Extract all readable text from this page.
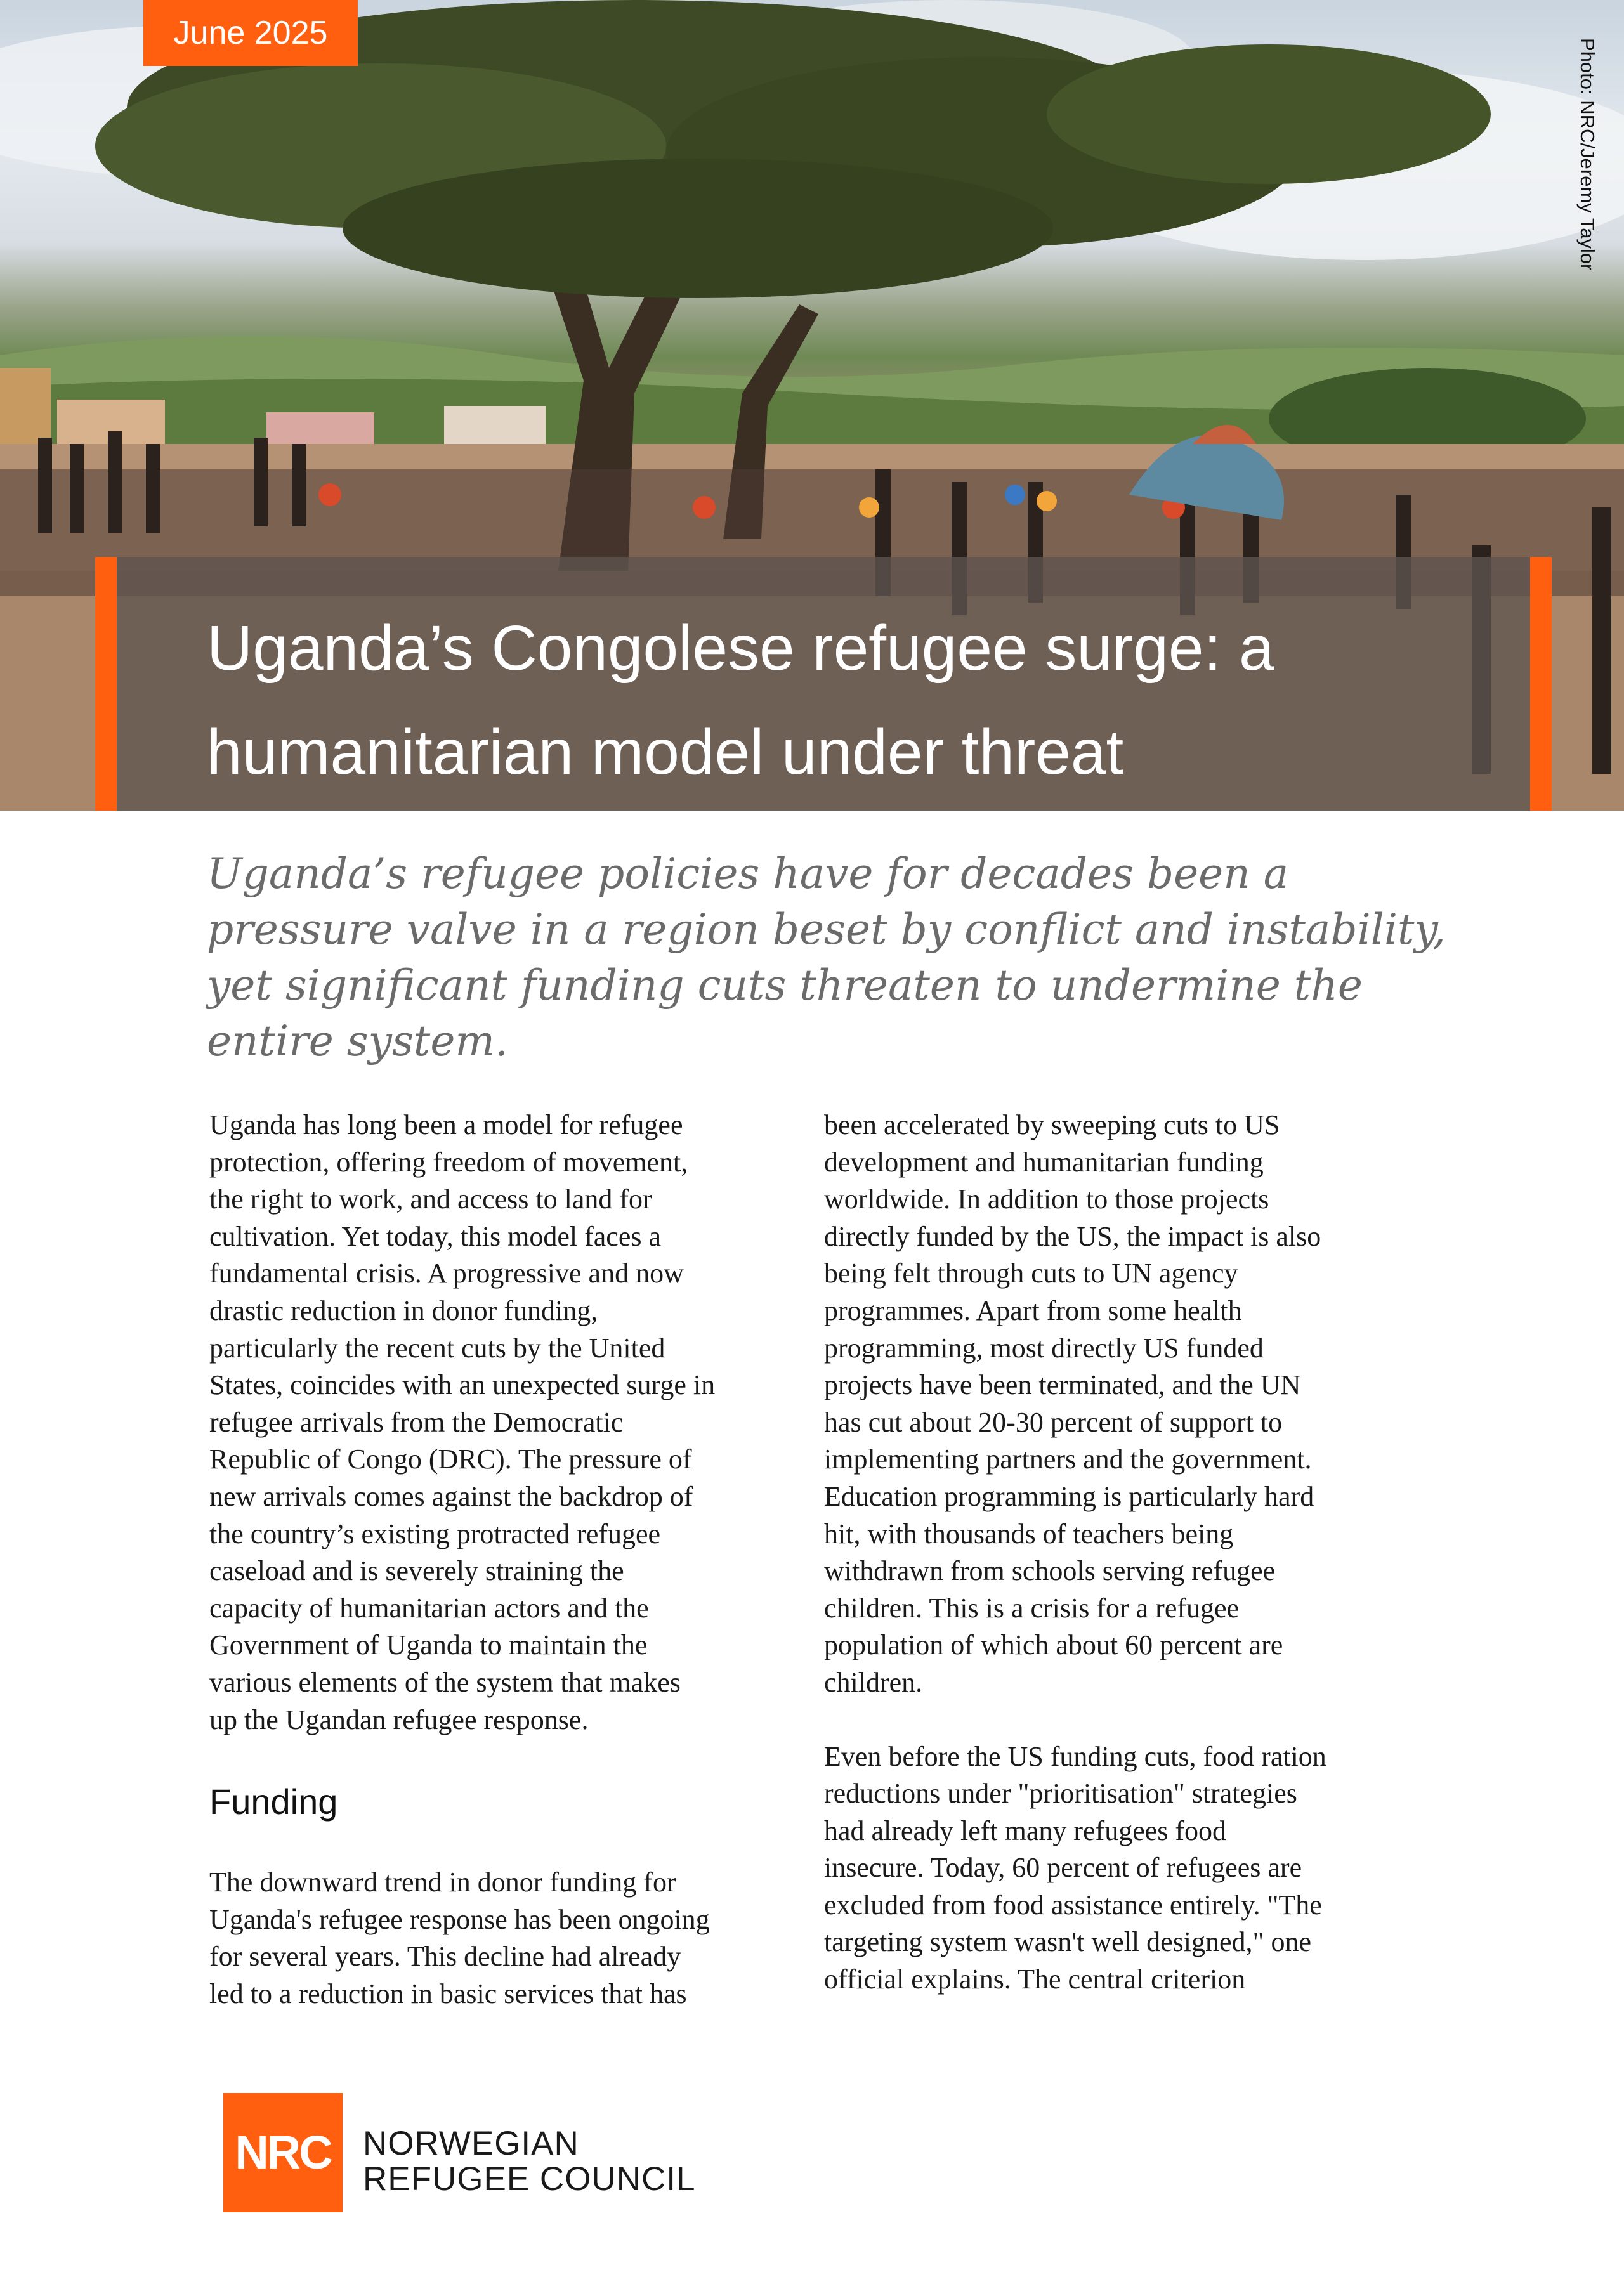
June 2025
Photo: NRC/Jeremy Taylor
Uganda’s Congolese refugee surge: a
humanitarian model under threat

Uganda’s refugee policies have for decades been a pressure valve in a region beset by conflict and instability, yet significant funding cuts threaten to undermine the entire system.

Uganda has long been a model for refugee
protection, offering freedom of movement,
the right to work, and access to land for
cultivation. Yet today, this model faces a
fundamental crisis. A progressive and now
drastic reduction in donor funding,
particularly the recent cuts by the United
States, coincides with an unexpected surge in
refugee arrivals from the Democratic
Republic of Congo (DRC). The pressure of
new arrivals comes against the backdrop of
the country’s existing protracted refugee
caseload and is severely straining the
capacity of humanitarian actors and the
Government of Uganda to maintain the
various elements of the system that makes
up the Ugandan refugee response.

Funding

The downward trend in donor funding for
Uganda's refugee response has been ongoing
for several years. This decline had already
led to a reduction in basic services that has

been accelerated by sweeping cuts to US
development and humanitarian funding
worldwide. In addition to those projects
directly funded by the US, the impact is also
being felt through cuts to UN agency
programmes. Apart from some health
programming, most directly US funded
projects have been terminated, and the UN
has cut about 20-30 percent of support to
implementing partners and the government.
Education programming is particularly hard
hit, with thousands of teachers being
withdrawn from schools serving refugee
children. This is a crisis for a refugee
population of which about 60 percent are
children.

Even before the US funding cuts, food ration
reductions under "prioritisation" strategies
had already left many refugees food
insecure. Today, 60 percent of refugees are
excluded from food assistance entirely. "The
targeting system wasn't well designed," one
official explains. The central criterion

NRC NORWEGIAN
REFUGEE COUNCIL
